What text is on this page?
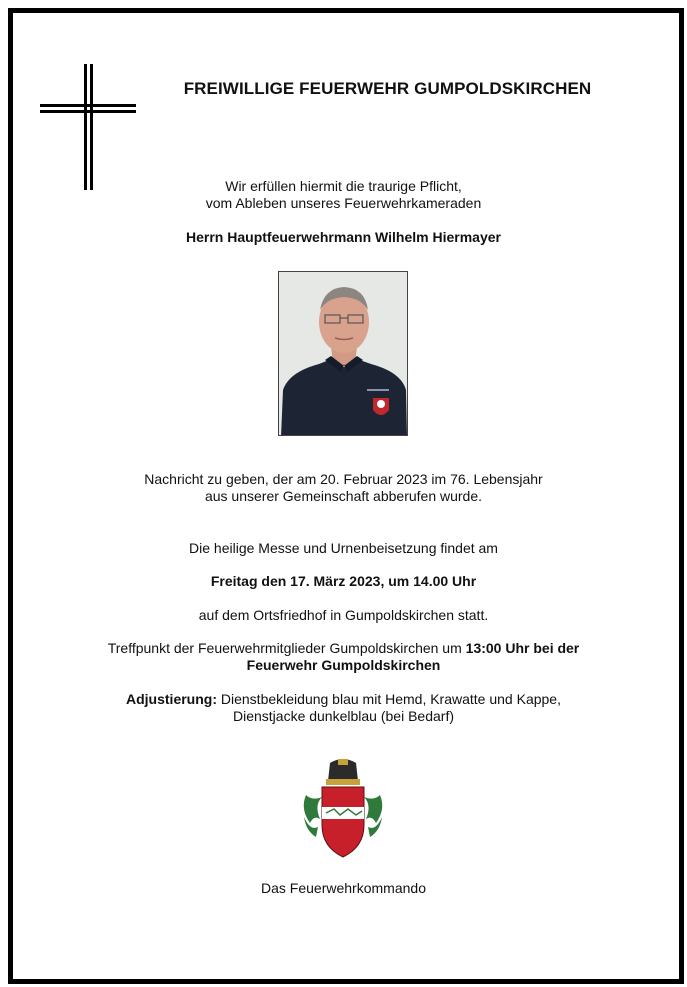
FREIWILLIGE FEUERWEHR GUMPOLDSKIRCHEN
Wir erfüllen hiermit die traurige Pflicht,
vom Ableben unseres Feuerwehrkameraden
Herrn Hauptfeuerwehrmann Wilhelm Hiermayer
Nachricht zu geben, der am 20. Februar 2023 im 76. Lebensjahr
aus unserer Gemeinschaft abberufen wurde.
Die heilige Messe und Urnenbeisetzung findet am
Freitag den 17. März 2023, um 14.00 Uhr
auf dem Ortsfriedhof in Gumpoldskirchen statt.
Treffpunkt der Feuerwehrmitglieder Gumpoldskirchen um 13:00 Uhr bei der
Feuerwehr Gumpoldskirchen
Adjustierung: Dienstbekleidung blau mit Hemd, Krawatte und Kappe,
Dienstjacke dunkelblau (bei Bedarf)
Das Feuerwehrkommando
